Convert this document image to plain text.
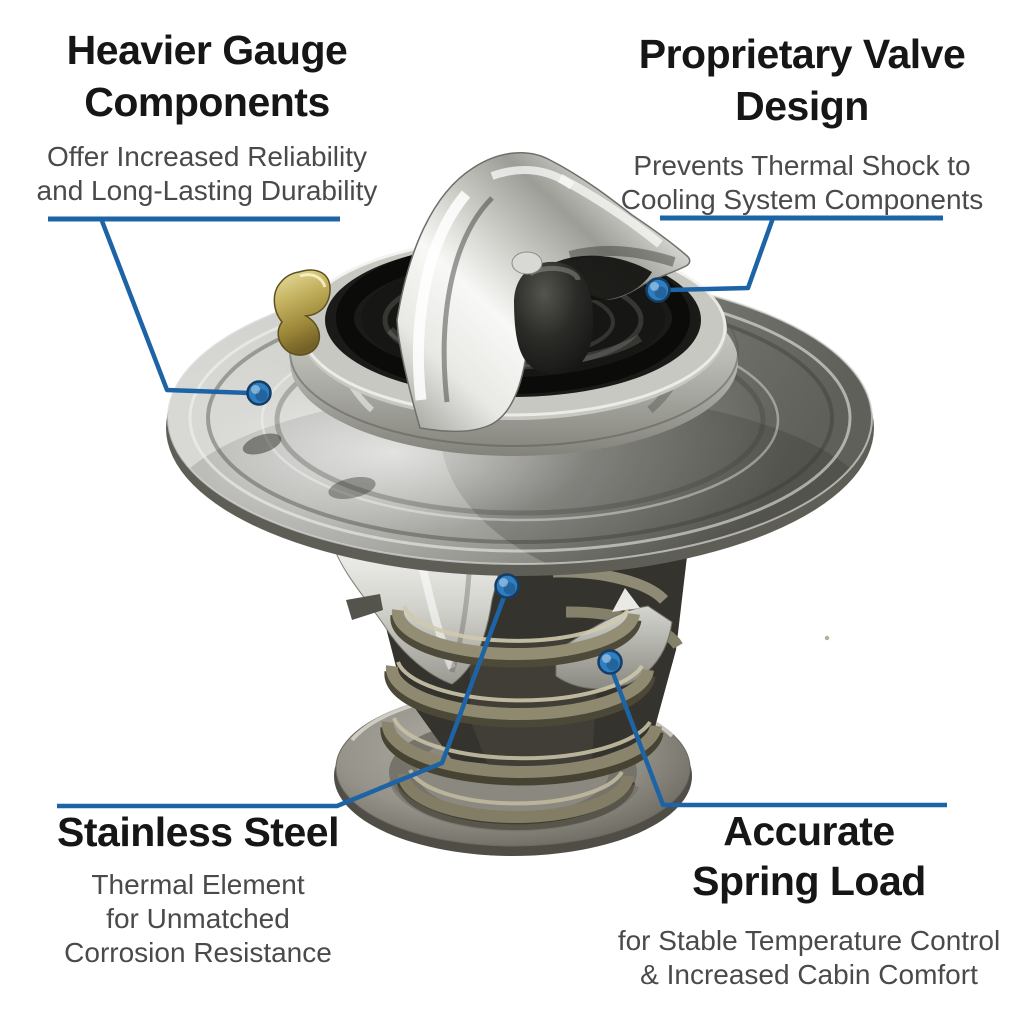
Heavier Gauge
Components
Offer Increased Reliability
and Long-Lasting Durability
Proprietary Valve
Design
Prevents Thermal Shock to
Cooling System Components
Stainless Steel
Thermal Element
for Unmatched
Corrosion Resistance
Accurate
Spring Load
for Stable Temperature Control
& Increased Cabin Comfort
